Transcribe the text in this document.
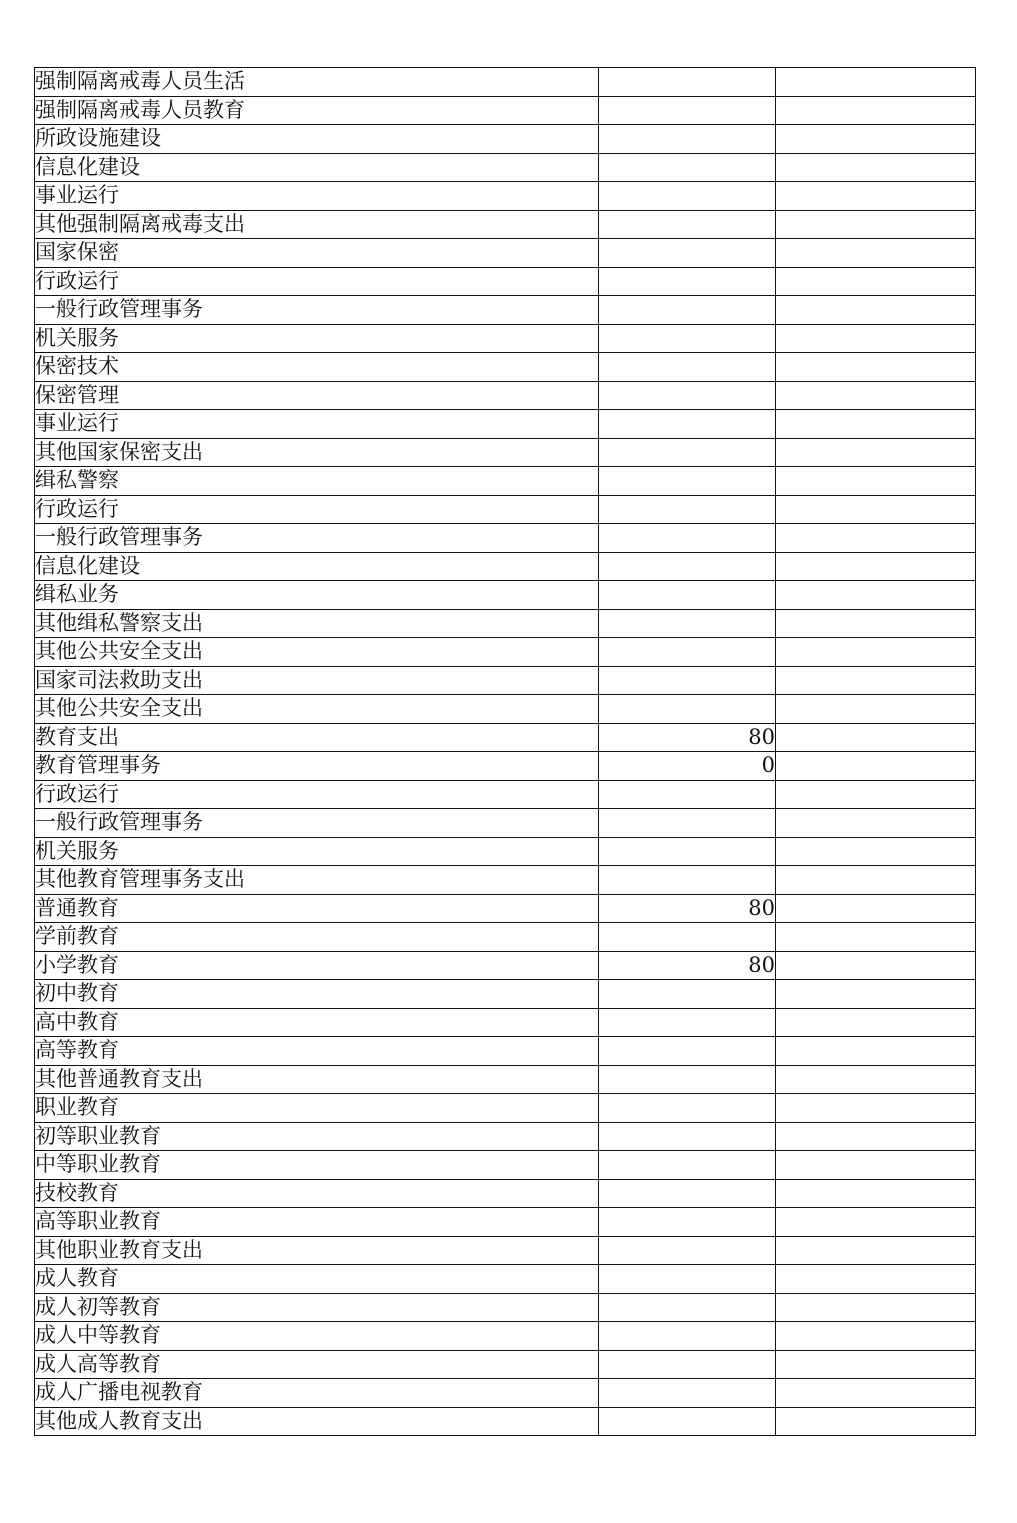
强制隔离戒毒人员生活		
强制隔离戒毒人员教育		
所政设施建设		
信息化建设		
事业运行		
其他强制隔离戒毒支出		
国家保密		
行政运行		
一般行政管理事务		
机关服务		
保密技术		
保密管理		
事业运行		
其他国家保密支出		
缉私警察		
行政运行		
一般行政管理事务		
信息化建设		
缉私业务		
其他缉私警察支出		
其他公共安全支出		
国家司法救助支出		
其他公共安全支出		
教育支出	80	
教育管理事务	0	
行政运行		
一般行政管理事务		
机关服务		
其他教育管理事务支出		
普通教育	80	
学前教育		
小学教育	80	
初中教育		
高中教育		
高等教育		
其他普通教育支出		
职业教育		
初等职业教育		
中等职业教育		
技校教育		
高等职业教育		
其他职业教育支出		
成人教育		
成人初等教育		
成人中等教育		
成人高等教育		
成人广播电视教育		
其他成人教育支出		
